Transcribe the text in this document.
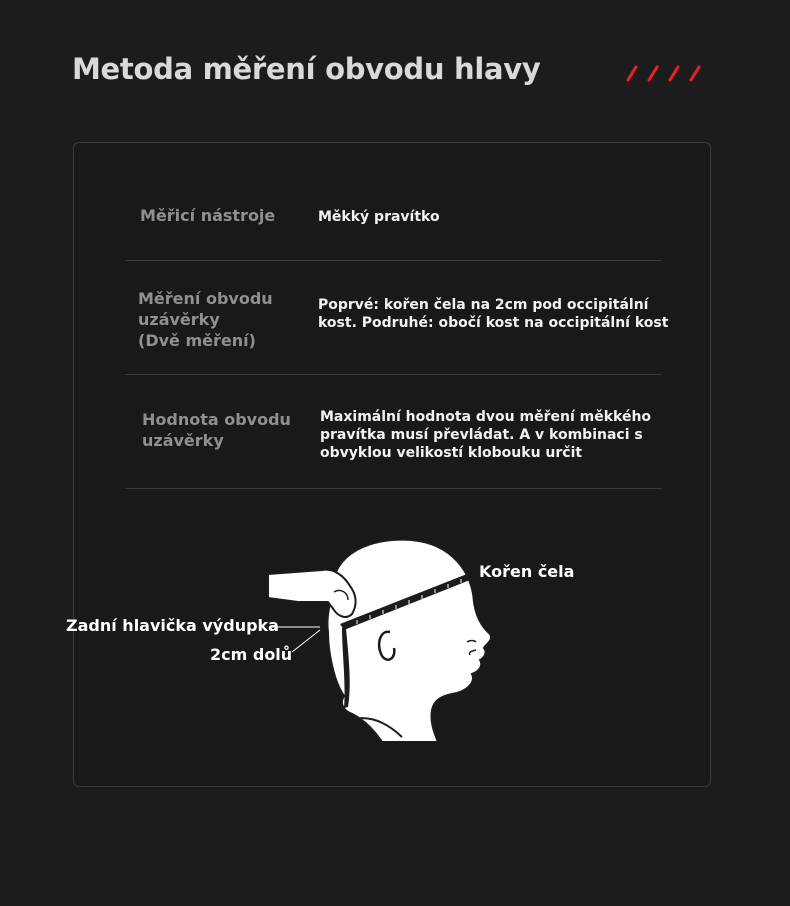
Metoda měření obvodu hlavy
Měřicí nástroje	Měkký pravítko
Měření obvodu
uzávěrky
(Dvě měření)
Poprvé: kořen čela na 2cm pod occipitální
kost. Podruhé: obočí kost na occipitální kost
Hodnota obvodu
uzávěrky
Maximální hodnota dvou měření měkkého
pravítka musí převládat. A v kombinaci s
obvyklou velikostí klobouku určit
Kořen čela
Zadní hlavička výdupka
2cm dolů
